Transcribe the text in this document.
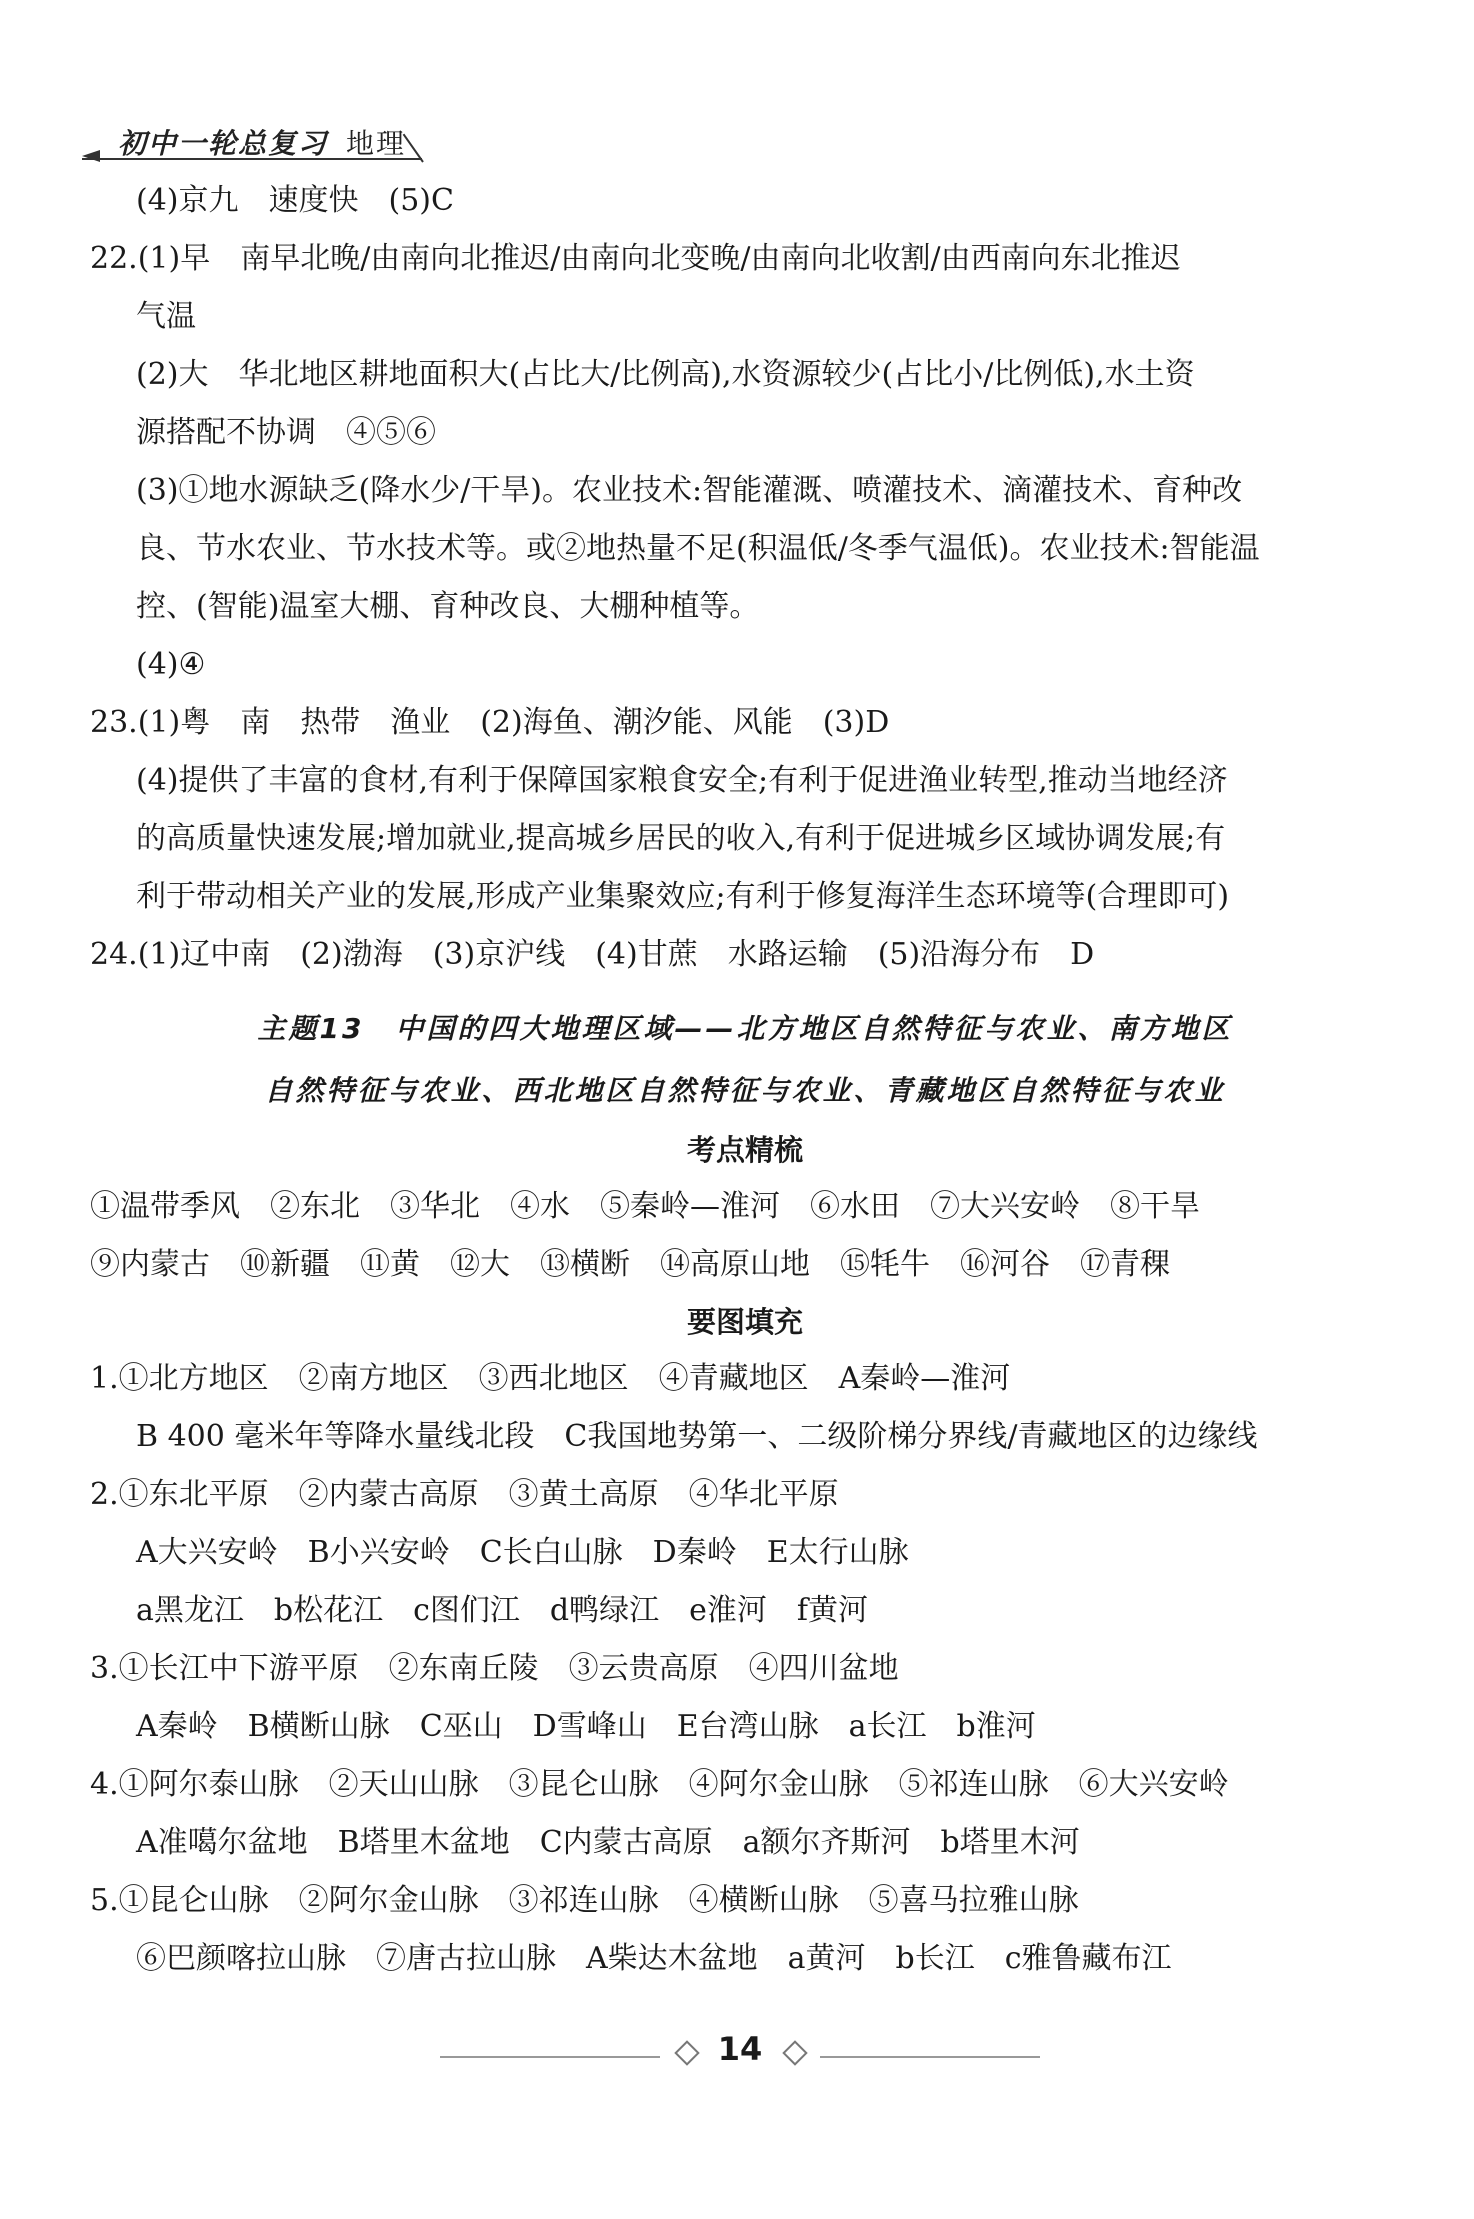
初中一轮总复习 地理
(4)京九　速度快　(5)C
22.(1)早　南早北晚/由南向北推迟/由南向北变晚/由南向北收割/由西南向东北推迟
气温
(2)大　华北地区耕地面积大(占比大/比例高),水资源较少(占比小/比例低),水土资
源搭配不协调　④⑤⑥
(3)①地水源缺乏(降水少/干旱)。农业技术:智能灌溉、喷灌技术、滴灌技术、育种改
良、节水农业、节水技术等。或②地热量不足(积温低/冬季气温低)。农业技术:智能温
控、(智能)温室大棚、育种改良、大棚种植等。
(4)④
23.(1)粤　南　热带　渔业　(2)海鱼、潮汐能、风能　(3)D
(4)提供了丰富的食材,有利于保障国家粮食安全;有利于促进渔业转型,推动当地经济
的高质量快速发展;增加就业,提高城乡居民的收入,有利于促进城乡区域协调发展;有
利于带动相关产业的发展,形成产业集聚效应;有利于修复海洋生态环境等(合理即可)
24.(1)辽中南　(2)渤海　(3)京沪线　(4)甘蔗　水路运输　(5)沿海分布　D
主题13　中国的四大地理区域——北方地区自然特征与农业、南方地区
自然特征与农业、西北地区自然特征与农业、青藏地区自然特征与农业
考点精梳
①温带季风　②东北　③华北　④水　⑤秦岭—淮河　⑥水田　⑦大兴安岭　⑧干旱
⑨内蒙古　⑩新疆　⑪黄　⑫大　⑬横断　⑭高原山地　⑮牦牛　⑯河谷　⑰青稞
要图填充
1.①北方地区　②南方地区　③西北地区　④青藏地区　A秦岭—淮河
B 400 毫米年等降水量线北段　C我国地势第一、二级阶梯分界线/青藏地区的边缘线
2.①东北平原　②内蒙古高原　③黄土高原　④华北平原
A大兴安岭　B小兴安岭　C长白山脉　D秦岭　E太行山脉
a黑龙江　b松花江　c图们江　d鸭绿江　e淮河　f黄河
3.①长江中下游平原　②东南丘陵　③云贵高原　④四川盆地
A秦岭　B横断山脉　C巫山　D雪峰山　E台湾山脉　a长江　b淮河
4.①阿尔泰山脉　②天山山脉　③昆仑山脉　④阿尔金山脉　⑤祁连山脉　⑥大兴安岭
A准噶尔盆地　B塔里木盆地　C内蒙古高原　a额尔齐斯河　b塔里木河
5.①昆仑山脉　②阿尔金山脉　③祁连山脉　④横断山脉　⑤喜马拉雅山脉
⑥巴颜喀拉山脉　⑦唐古拉山脉　A柴达木盆地　a黄河　b长江　c雅鲁藏布江
14
